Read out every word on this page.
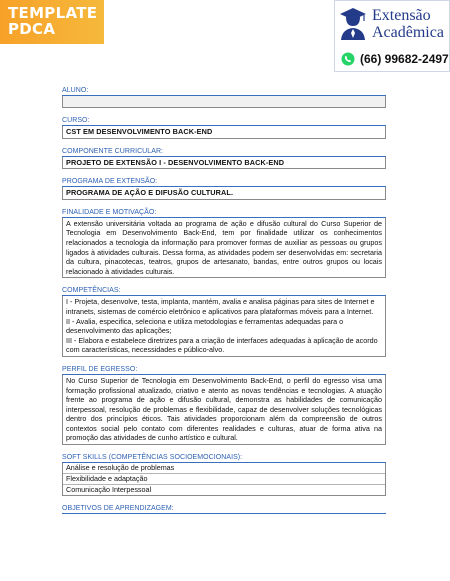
TEMPLATE
PDCA
Extensão
Acadêmica
(66) 99682-2497
ALUNO:
CURSO:
CST EM DESENVOLVIMENTO BACK-END
COMPONENTE CURRICULAR:
PROJETO DE EXTENSÃO I - DESENVOLVIMENTO BACK-END
PROGRAMA DE EXTENSÃO:
PROGRAMA DE AÇÃO E DIFUSÃO CULTURAL.
FINALIDADE E MOTIVAÇÃO:
A extensão universitária voltada ao programa de ação e difusão cultural do Curso Superior de Tecnologia em Desenvolvimento Back-End, tem por finalidade utilizar os conhecimentos relacionados a tecnologia da informação para promover formas de auxiliar as pessoas ou grupos ligados à atividades culturais. Dessa forma, as atividades podem ser desenvolvidas em: secretaria da cultura, pinacotecas, teatros, grupos de artesanato, bandas, entre outros grupos ou locais relacionado à atividades culturais.
COMPETÊNCIAS:

I - Projeta, desenvolve, testa, implanta, mantém, avalia e analisa páginas para sites de Internet e intranets, sistemas de comércio eletrônico e aplicativos para plataformas móveis para a Internet.

II - Avalia, especifica, seleciona e utiliza metodologias e ferramentas adequadas para o desenvolvimento das aplicações;

III - Elabora e estabelece diretrizes para a criação de interfaces adequadas à aplicação de acordo com características, necessidades e público-alvo.

PERFIL DE EGRESSO:
No Curso Superior de Tecnologia em Desenvolvimento Back-End, o perfil do egresso visa uma formação profissional atualizado, criativo e atento as novas tendências e tecnologias. A atuação frente ao programa de ação e difusão cultural, demonstra as habilidades de comunicação interpessoal, resolução de problemas e flexibilidade, capaz de desenvolver soluções tecnológicas dentro dos princípios éticos. Tais atividades proporcionam além da compreensão de outros contextos social pelo contato com diferentes realidades e culturas, atuar de forma ativa na promoção das atividades de cunho artístico e cultural.
SOFT SKILLS (COMPETÊNCIAS SOCIOEMOCIONAIS):
Análise e resolução de problemas
Flexibilidade e adaptação
Comunicação Interpessoal
OBJETIVOS DE APRENDIZAGEM:
